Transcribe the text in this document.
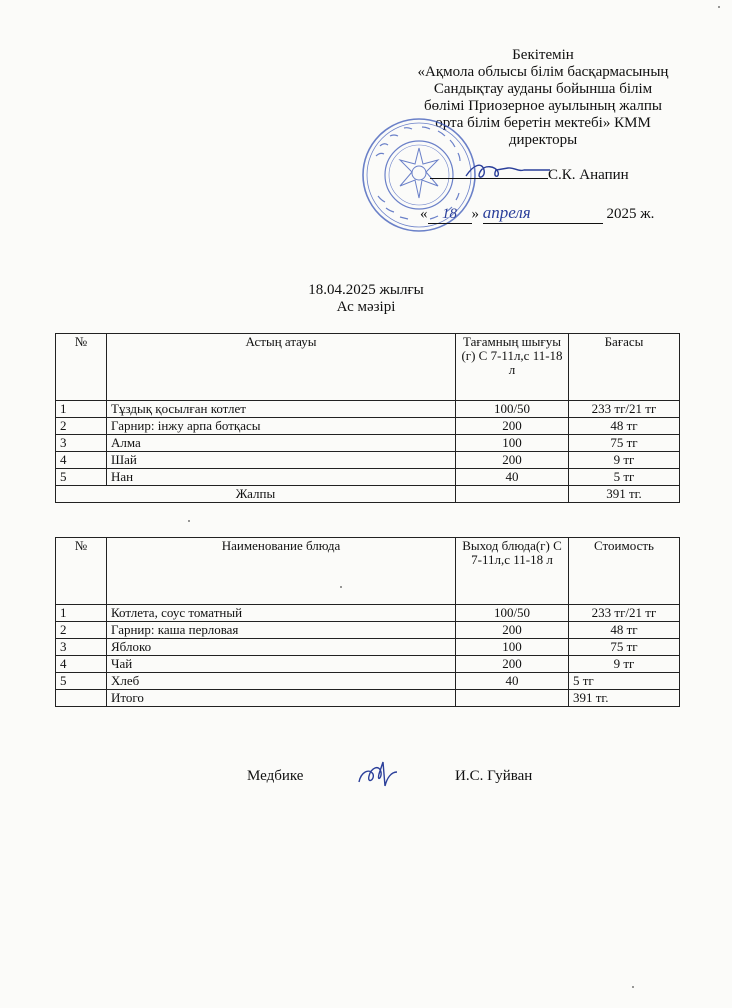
Бекітемін
«Ақмола облысы білім басқармасының
Сандықтау ауданы бойынша білім
бөлімі Приозерное ауылының жалпы
орта білім беретін мектебі» КММ
директоры
С.К. Анапин
« 18 » апреля	2025 ж.
18.04.2025 жылғы
Ас мәзірі
№	Астың атауы	Тағамның шығуы (г) С 7-11л,с 11-18 л	Бағасы
1	Тұздық қосылған котлет	100/50	233 тг/21 тг
2	Гарнир: інжу арпа ботқасы	200	48 тг
3	Алма	100	75 тг
4	Шай	200	9 тг
5	Нан	40	5 тг
Жалпы			391 тг.
№	Наименование блюда	Выход блюда(г) С 7-11л,с 11-18 л	Стоимость
1	Котлета, соус томатный	100/50	233 тг/21 тг
2	Гарнир: каша перловая	200	48 тг
3	Яблоко	100	75 тг
4	Чай	200	9 тг
5	Хлеб	40	5 тг
	Итого		391 тг.
Медбике	И.С. Гуйван
